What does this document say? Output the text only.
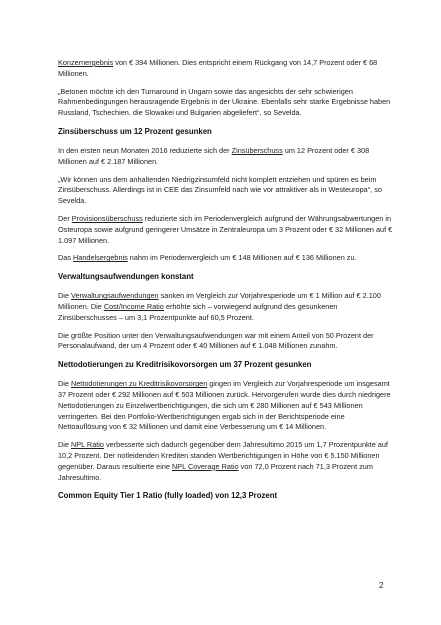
Konzernergebnis von € 394 Millionen. Dies entspricht einem Rückgang von 14,7 Prozent oder € 68 Millionen.

„Betonen möchte ich den Turnaround in Ungarn sowie das angesichts der sehr schwierigen Rahmenbedingungen herausragende Ergebnis in der Ukraine. Ebenfalls sehr starke Ergebnisse haben Russland, Tschechien, die Slowakei und Bulgarien abgeliefert“, so Sevelda.

Zinsüberschuss um 12 Prozent gesunken

In den ersten neun Monaten 2016 reduzierte sich der Zinsüberschuss um 12 Prozent oder € 308 Millionen auf € 2.187 Millionen.

„Wir können uns dem anhaltenden Niedrigzinsumfeld nicht komplett entziehen und spüren es beim Zinsüberschuss. Allerdings ist in CEE das Zinsumfeld nach wie vor attraktiver als in Westeuropa“, so Sevelda.

Der Provisionsüberschuss reduzierte sich im Periodenvergleich aufgrund der Währungsabwertungen in Osteuropa sowie aufgrund geringerer Umsätze in Zentraleuropa um 3 Prozent oder € 32 Millionen auf € 1.097 Millionen.

Das Handelsergebnis nahm im Periodenvergleich um € 148 Millionen auf € 136 Millionen zu.

Verwaltungsaufwendungen konstant

Die Verwaltungsaufwendungen sanken im Vergleich zur Vorjahresperiode um € 1 Million auf € 2.100 Millionen. Die Cost/Income Ratio erhöhte sich – vorwiegend aufgrund des gesunkenen Zinsüberschusses – um 3,1 Prozentpunkte auf 60,5 Prozent.

Die größte Position unter den Verwaltungsaufwendungen war mit einem Anteil von 50 Prozent der Personalaufwand, der um 4 Prozent oder € 40 Millionen auf € 1.048 Millionen zunahm.

Nettodotierungen zu Kreditrisikovorsorgen um 37 Prozent gesunken

Die Nettodotierungen zu Kreditrisikovorsorgen gingen im Vergleich zur Vorjahresperiode um insgesamt 37 Prozent oder € 292 Millionen auf € 503 Millionen zurück. Hervorgerufen wurde dies durch niedrigere Nettodotierungen zu Einzelwertberichtigungen, die sich um € 280 Millionen auf € 543 Millionen verringerten. Bei den Portfolio-Wertberichtigungen ergab sich in der Berichtsperiode eine Nettoauflösung von € 32 Millionen und damit eine Verbesserung um € 14 Millionen.

Die NPL Ratio verbesserte sich dadurch gegenüber dem Jahresultimo 2015 um 1,7 Prozentpunkte auf 10,2 Prozent. Der notleidenden Krediten standen Wertberichtigungen in Höhe von € 5.150 Millionen gegenüber. Daraus resultierte eine NPL Coverage Ratio von 72,0 Prozent nach 71,3 Prozent zum Jahresultimo.

Common Equity Tier 1 Ratio (fully loaded) von 12,3 Prozent
2
